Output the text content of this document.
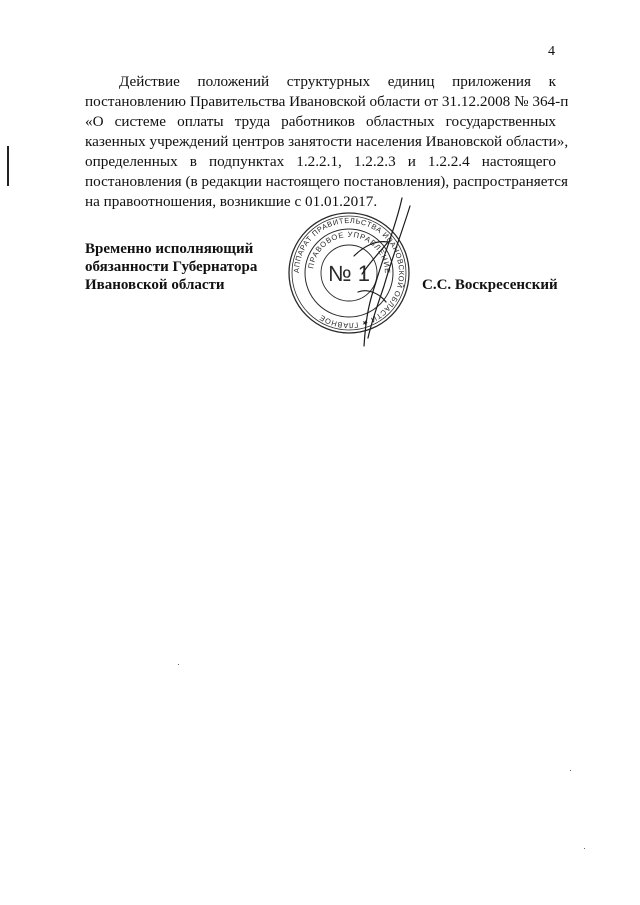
4
Действие положений структурных единиц приложения к
постановлению Правительства Ивановской области от 31.12.2008 № 364-п
«О системе оплаты труда работников областных государственных
казенных учреждений центров занятости населения Ивановской области»,
определенных в подпунктах 1.2.2.1, 1.2.2.3 и 1.2.2.4 настоящего
постановления (в редакции настоящего постановления), распространяется
на правоотношения, возникшие с 01.01.2017.
Временно исполняющий
обязанности Губернатора
Ивановской области
АППАРАТ ПРАВИТЕЛЬСТВА ИВАНОВСКОЙ ОБЛАСТИ ★ ГЛАВНОЕ
ПРАВОВОЕ УПРАВЛЕНИЕ
№ 1	С.С. Воскресенский
